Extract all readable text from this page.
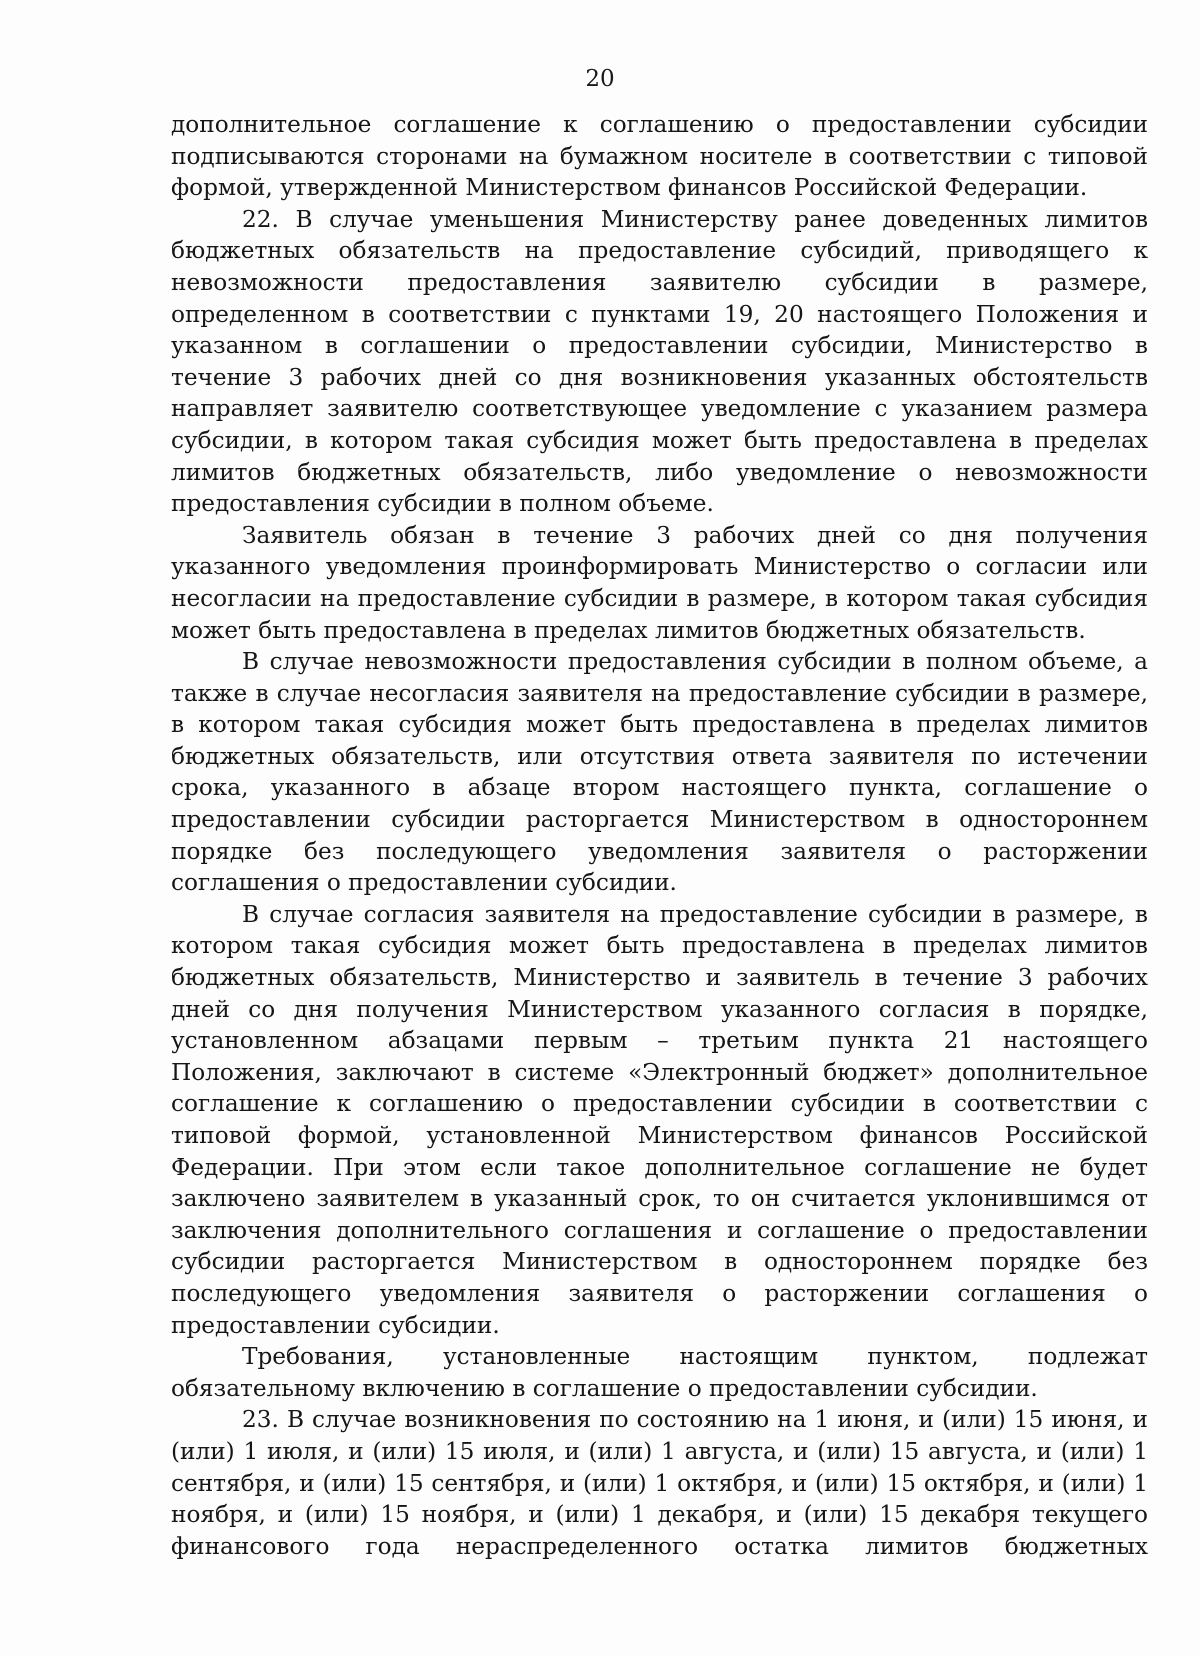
20

дополнительное соглашение к соглашению о предоставлении субсидии подписываются сторонами на бумажном носителе в соответствии с типовой формой, утвержденной Министерством финансов Российской Федерации.

22. В случае уменьшения Министерству ранее доведенных лимитов бюджетных обязательств на предоставление субсидий, приводящего к невозможности предоставления заявителю субсидии в размере, определенном в соответствии с пунктами 19, 20 настоящего Положения и указанном в соглашении о предоставлении субсидии, Министерство в течение 3 рабочих дней со дня возникновения указанных обстоятельств направляет заявителю соответствующее уведомление с указанием размера субсидии, в котором такая субсидия может быть предоставлена в пределах лимитов бюджетных обязательств, либо уведомление о невозможности предоставления субсидии в полном объеме.

Заявитель обязан в течение 3 рабочих дней со дня получения указанного уведомления проинформировать Министерство о согласии или несогласии на предоставление субсидии в размере, в котором такая субсидия может быть предоставлена в пределах лимитов бюджетных обязательств.

В случае невозможности предоставления субсидии в полном объеме, а также в случае несогласия заявителя на предоставление субсидии в размере, в котором такая субсидия может быть предоставлена в пределах лимитов бюджетных обязательств, или отсутствия ответа заявителя по истечении срока, указанного в абзаце втором настоящего пункта, соглашение о предоставлении субсидии расторгается Министерством в одностороннем порядке без последующего уведомления заявителя о расторжении соглашения о предоставлении субсидии.

В случае согласия заявителя на предоставление субсидии в размере, в котором такая субсидия может быть предоставлена в пределах лимитов бюджетных обязательств, Министерство и заявитель в течение 3 рабочих дней со дня получения Министерством указанного согласия в порядке, установленном абзацами первым – третьим пункта 21 настоящего Положения, заключают в системе «Электронный бюджет» дополнительное соглашение к соглашению о предоставлении субсидии в соответствии с типовой формой, установленной Министерством финансов Российской Федерации. При этом если такое дополнительное соглашение не будет заключено заявителем в указанный срок, то он считается уклонившимся от заключения дополнительного соглашения и соглашение о предоставлении субсидии расторгается Министерством в одностороннем порядке без последующего уведомления заявителя о расторжении соглашения о предоставлении субсидии.

Требования, установленные настоящим пунктом, подлежат обязательному включению в соглашение о предоставлении субсидии.

23. В случае возникновения по состоянию на 1 июня, и (или) 15 июня, и (или) 1 июля, и (или) 15 июля, и (или) 1 августа, и (или) 15 августа, и (или) 1 сентября, и (или) 15 сентября, и (или) 1 октября, и (или) 15 октября, и (или) 1 ноября, и (или) 15 ноября, и (или) 1 декабря, и (или) 15 декабря текущего финансового года нераспределенного остатка лимитов бюджетных
